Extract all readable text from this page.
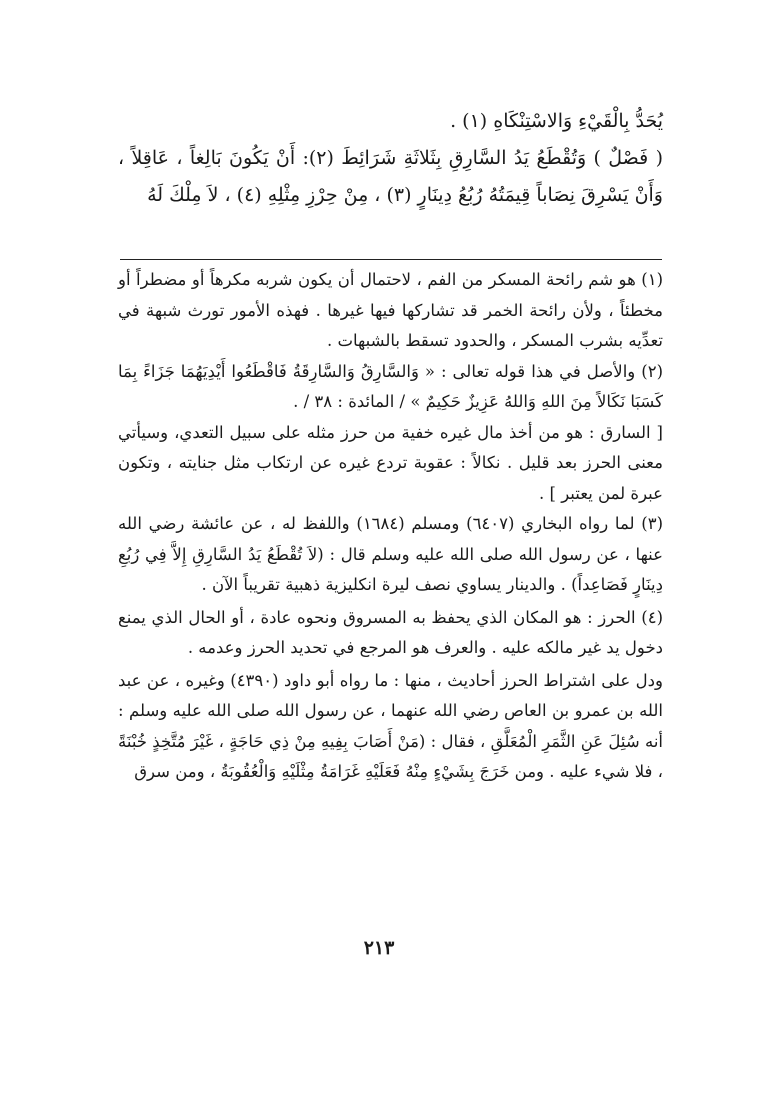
يُحَدُّ بِالْقَيْءِ وَالاسْتِنْكَاهِ (١) .

( فَصْلٌ ) وَتُقْطَعُ يَدُ السَّارِقِ بِثَلاثَةِ شَرَائِطَ (٢): أَنْ يَكُونَ بَالِغاً ، عَاقِلاً ، وَأَنْ يَسْرِقَ نِصَاباً قِيمَتُهُ رُبُعُ دِينَارٍ (٣) ، مِنْ حِرْزِ مِثْلِهِ (٤) ، لاَ مِلْكَ لَهُ

(١) هو شم رائحة المسكر من الفم ، لاحتمال أن يكون شربه مكرهاً أو مضطراً أو مخطئاً ، ولأن رائحة الخمر قد تشاركها فيها غيرها . فهذه الأمور تورث شبهة في تعدِّيه بشرب المسكر ، والحدود تسقط بالشبهات .

(٢) والأصل في هذا قوله تعالى : « وَالسَّارِقُ وَالسَّارِقَةُ فَاقْطَعُوا أَيْدِيَهُمَا جَزَاءً بِمَا كَسَبَا نَكَالاً مِنَ اللهِ وَاللهُ عَزِيزٌ حَكِيمٌ » / المائدة : ٣٨ / .

[ السارق : هو من أخذ مال غيره خفية من حرز مثله على سبيل التعدي، وسيأتي معنى الحرز بعد قليل . نكالاً : عقوبة تردع غيره عن ارتكاب مثل جنايته ، وتكون عبرة لمن يعتبر ] .

(٣) لما رواه البخاري (٦٤٠٧) ومسلم (١٦٨٤) واللفظ له ، عن عائشة رضي الله عنها ، عن رسول الله صلى الله عليه وسلم قال : (لاَ تُقْطَعُ يَدُ السَّارِقِ إِلاَّ فِي رُبُعِ دِينَارٍ فَصَاعِداً) . والدينار يساوي نصف ليرة انكليزية ذهبية تقريباً الآن .

(٤) الحرز : هو المكان الذي يحفظ به المسروق ونحوه عادة ، أو الحال الذي يمنع دخول يد غير مالكه عليه . والعرف هو المرجع في تحديد الحرز وعدمه .

ودل على اشتراط الحرز أحاديث ، منها : ما رواه أبو داود (٤٣٩٠) وغيره ، عن عبد الله بن عمرو بن العاص رضي الله عنهما ، عن رسول الله صلى الله عليه وسلم : أنه سُئِلَ عَنِ الثَّمَرِ الْمُعَلَّقِ ، فقال : (مَنْ أَصَابَ بِفِيهِ مِنْ ذِي حَاجَةٍ ، غَيْرَ مُتَّخِذٍ خُبْنَةً ، فلا شيء عليه . ومن خَرَجَ بِشَيْءٍ مِنْهُ فَعَلَيْهِ غَرَامَةُ مِثْلَيْهِ وَالْعُقُوبَةُ ، ومن سرق

٢١٣
